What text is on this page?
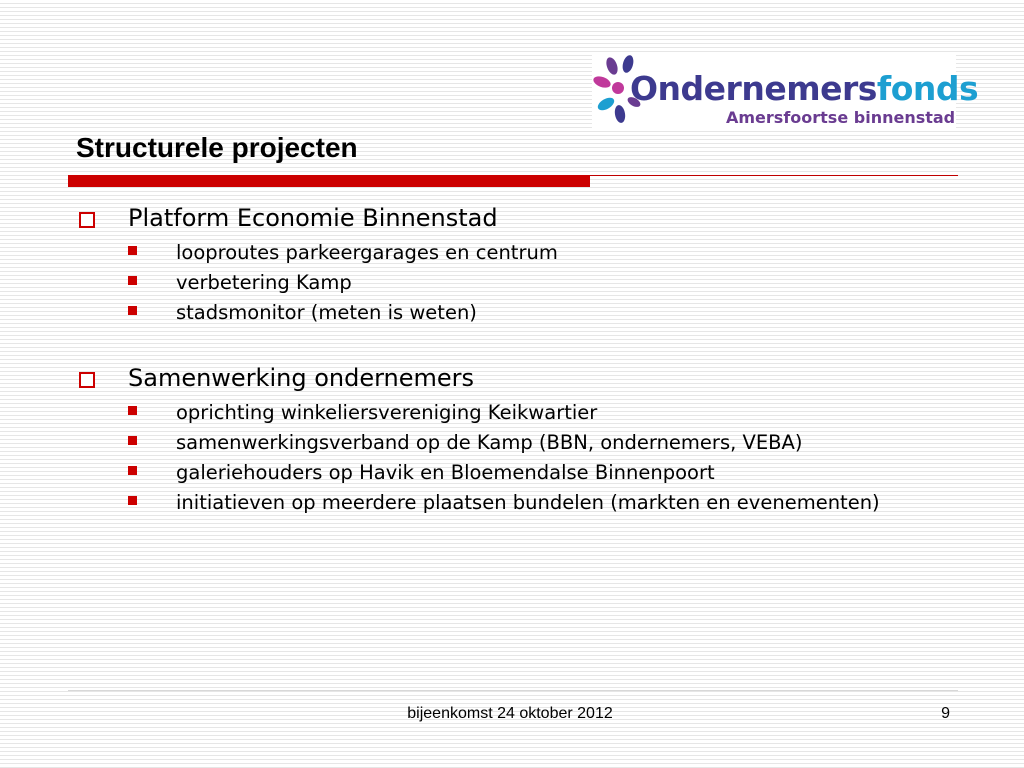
Ondernemersfonds
Amersfoortse binnenstad
Structurele projecten
Platform Economie Binnenstad
looproutes parkeergarages en centrum
verbetering Kamp
stadsmonitor (meten is weten)
Samenwerking ondernemers
oprichting winkeliersvereniging Keikwartier
samenwerkingsverband op de Kamp (BBN, ondernemers, VEBA)
galeriehouders op Havik en Bloemendalse Binnenpoort
initiatieven op meerdere plaatsen bundelen (markten en evenementen)
bijeenkomst 24 oktober 2012	9
